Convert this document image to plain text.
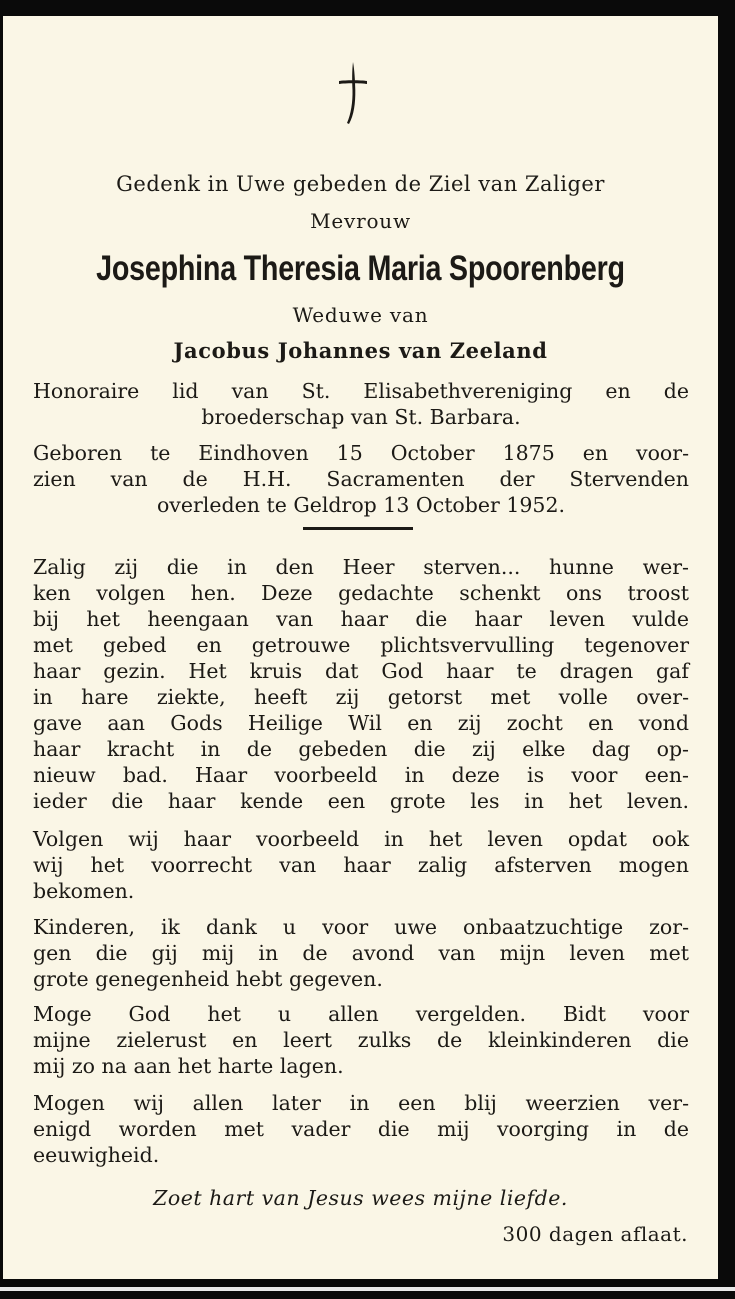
Gedenk in Uwe gebeden de Ziel van Zaliger
Mevrouw
Josephina Theresia Maria Spoorenberg
Weduwe van
Jacobus Johannes van Zeeland
Honoraire lid van St. Elisabethvereniging en de
broederschap van St. Barbara.
Geboren te Eindhoven 15 October 1875 en voor-
zien van de H.H. Sacramenten der Stervenden
overleden te Geldrop 13 October 1952.
Zalig zij die in den Heer sterven... hunne wer-
ken volgen hen. Deze gedachte schenkt ons troost
bij het heengaan van haar die haar leven vulde
met gebed en getrouwe plichtsvervulling tegenover
haar gezin. Het kruis dat God haar te dragen gaf
in hare ziekte, heeft zij getorst met volle over-
gave aan Gods Heilige Wil en zij zocht en vond
haar kracht in de gebeden die zij elke dag op-
nieuw bad. Haar voorbeeld in deze is voor een-
ieder die haar kende een grote les in het leven.
Volgen wij haar voorbeeld in het leven opdat ook
wij het voorrecht van haar zalig afsterven mogen
bekomen.
Kinderen, ik dank u voor uwe onbaatzuchtige zor-
gen die gij mij in de avond van mijn leven met
grote genegenheid hebt gegeven.
Moge God het u allen vergelden. Bidt voor
mijne zielerust en leert zulks de kleinkinderen die
mij zo na aan het harte lagen.
Mogen wij allen later in een blij weerzien ver-
enigd worden met vader die mij voorging in de
eeuwigheid.
Zoet hart van Jesus wees mijne liefde.
300 dagen aflaat.
